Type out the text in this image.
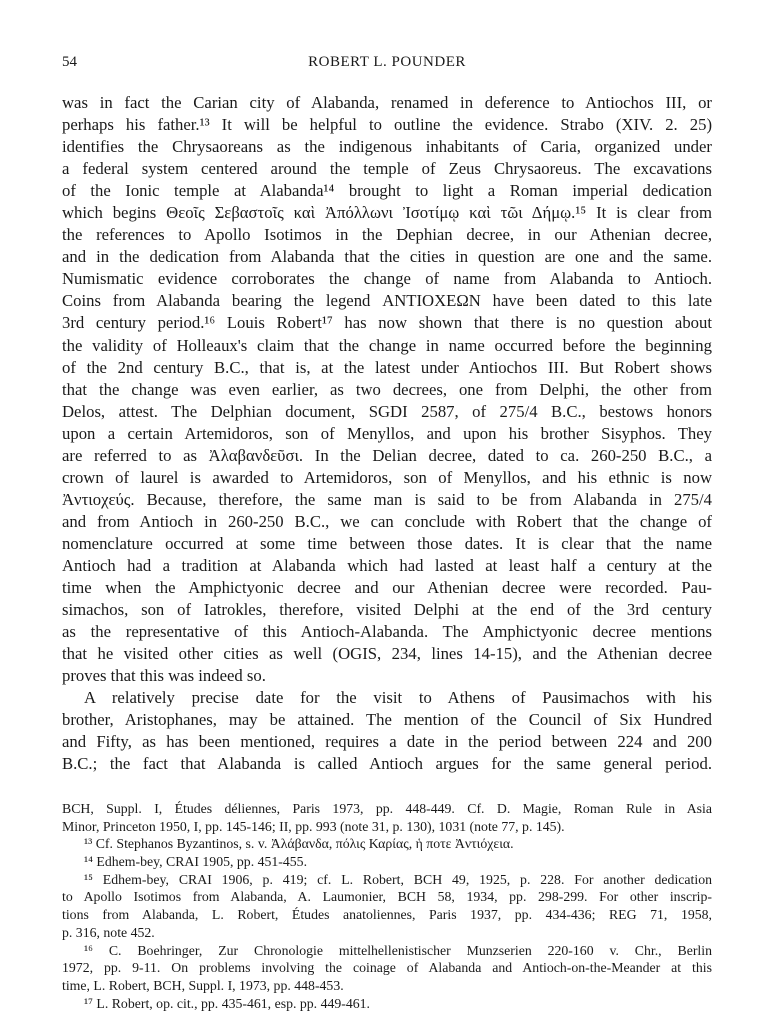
54	ROBERT L. POUNDER
was in fact the Carian city of Alabanda, renamed in deference to Antiochos III, or
perhaps his father.¹³ It will be helpful to outline the evidence. Strabo (XIV. 2. 25)
identifies the Chrysaoreans as the indigenous inhabitants of Caria, organized under
a federal system centered around the temple of Zeus Chrysaoreus. The excavations
of the Ionic temple at Alabanda¹⁴ brought to light a Roman imperial dedication
which begins Θεοῖς Σεβαστοῖς καὶ Ἀπόλλωνι Ἰσοτίμῳ καὶ τῶι Δήμῳ.¹⁵ It is clear from
the references to Apollo Isotimos in the Dephian decree, in our Athenian decree,
and in the dedication from Alabanda that the cities in question are one and the same.
Numismatic evidence corroborates the change of name from Alabanda to Antioch.
Coins from Alabanda bearing the legend ΑΝΤΙΟΧΕΩΝ have been dated to this late
3rd century period.¹⁶ Louis Robert¹⁷ has now shown that there is no question about
the validity of Holleaux's claim that the change in name occurred before the beginning
of the 2nd century B.C., that is, at the latest under Antiochos III. But Robert shows
that the change was even earlier, as two decrees, one from Delphi, the other from
Delos, attest. The Delphian document, SGDI 2587, of 275/4 B.C., bestows honors
upon a certain Artemidoros, son of Menyllos, and upon his brother Sisyphos. They
are referred to as Ἀλαβανδεῦσι. In the Delian decree, dated to ca. 260-250 B.C., a
crown of laurel is awarded to Artemidoros, son of Menyllos, and his ethnic is now
Ἀντιοχεύς. Because, therefore, the same man is said to be from Alabanda in 275/4
and from Antioch in 260-250 B.C., we can conclude with Robert that the change of
nomenclature occurred at some time between those dates. It is clear that the name
Antioch had a tradition at Alabanda which had lasted at least half a century at the
time when the Amphictyonic decree and our Athenian decree were recorded. Pau-
simachos, son of Iatrokles, therefore, visited Delphi at the end of the 3rd century
as the representative of this Antioch-Alabanda. The Amphictyonic decree mentions
that he visited other cities as well (OGIS, 234, lines 14-15), and the Athenian decree
proves that this was indeed so.
A relatively precise date for the visit to Athens of Pausimachos with his
brother, Aristophanes, may be attained. The mention of the Council of Six Hundred
and Fifty, as has been mentioned, requires a date in the period between 224 and 200
B.C.; the fact that Alabanda is called Antioch argues for the same general period.
BCH, Suppl. I, Études déliennes, Paris 1973, pp. 448-449. Cf. D. Magie, Roman Rule in Asia
Minor, Princeton 1950, I, pp. 145-146; II, pp. 993 (note 31, p. 130), 1031 (note 77, p. 145).
¹³ Cf. Stephanos Byzantinos, s. v. Ἀλάβανδα, πόλις Καρίας, ἡ ποτε Ἀντιόχεια.
¹⁴ Edhem-bey, CRAI 1905, pp. 451-455.
¹⁵ Edhem-bey, CRAI 1906, p. 419; cf. L. Robert, BCH 49, 1925, p. 228. For another dedication
to Apollo Isotimos from Alabanda, A. Laumonier, BCH 58, 1934, pp. 298-299. For other inscrip-
tions from Alabanda, L. Robert, Études anatoliennes, Paris 1937, pp. 434-436; REG 71, 1958,
p. 316, note 452.
¹⁶ C. Boehringer, Zur Chronologie mittelhellenistischer Munzserien 220-160 v. Chr., Berlin
1972, pp. 9-11. On problems involving the coinage of Alabanda and Antioch-on-the-Meander at this
time, L. Robert, BCH, Suppl. I, 1973, pp. 448-453.
¹⁷ L. Robert, op. cit., pp. 435-461, esp. pp. 449-461.
